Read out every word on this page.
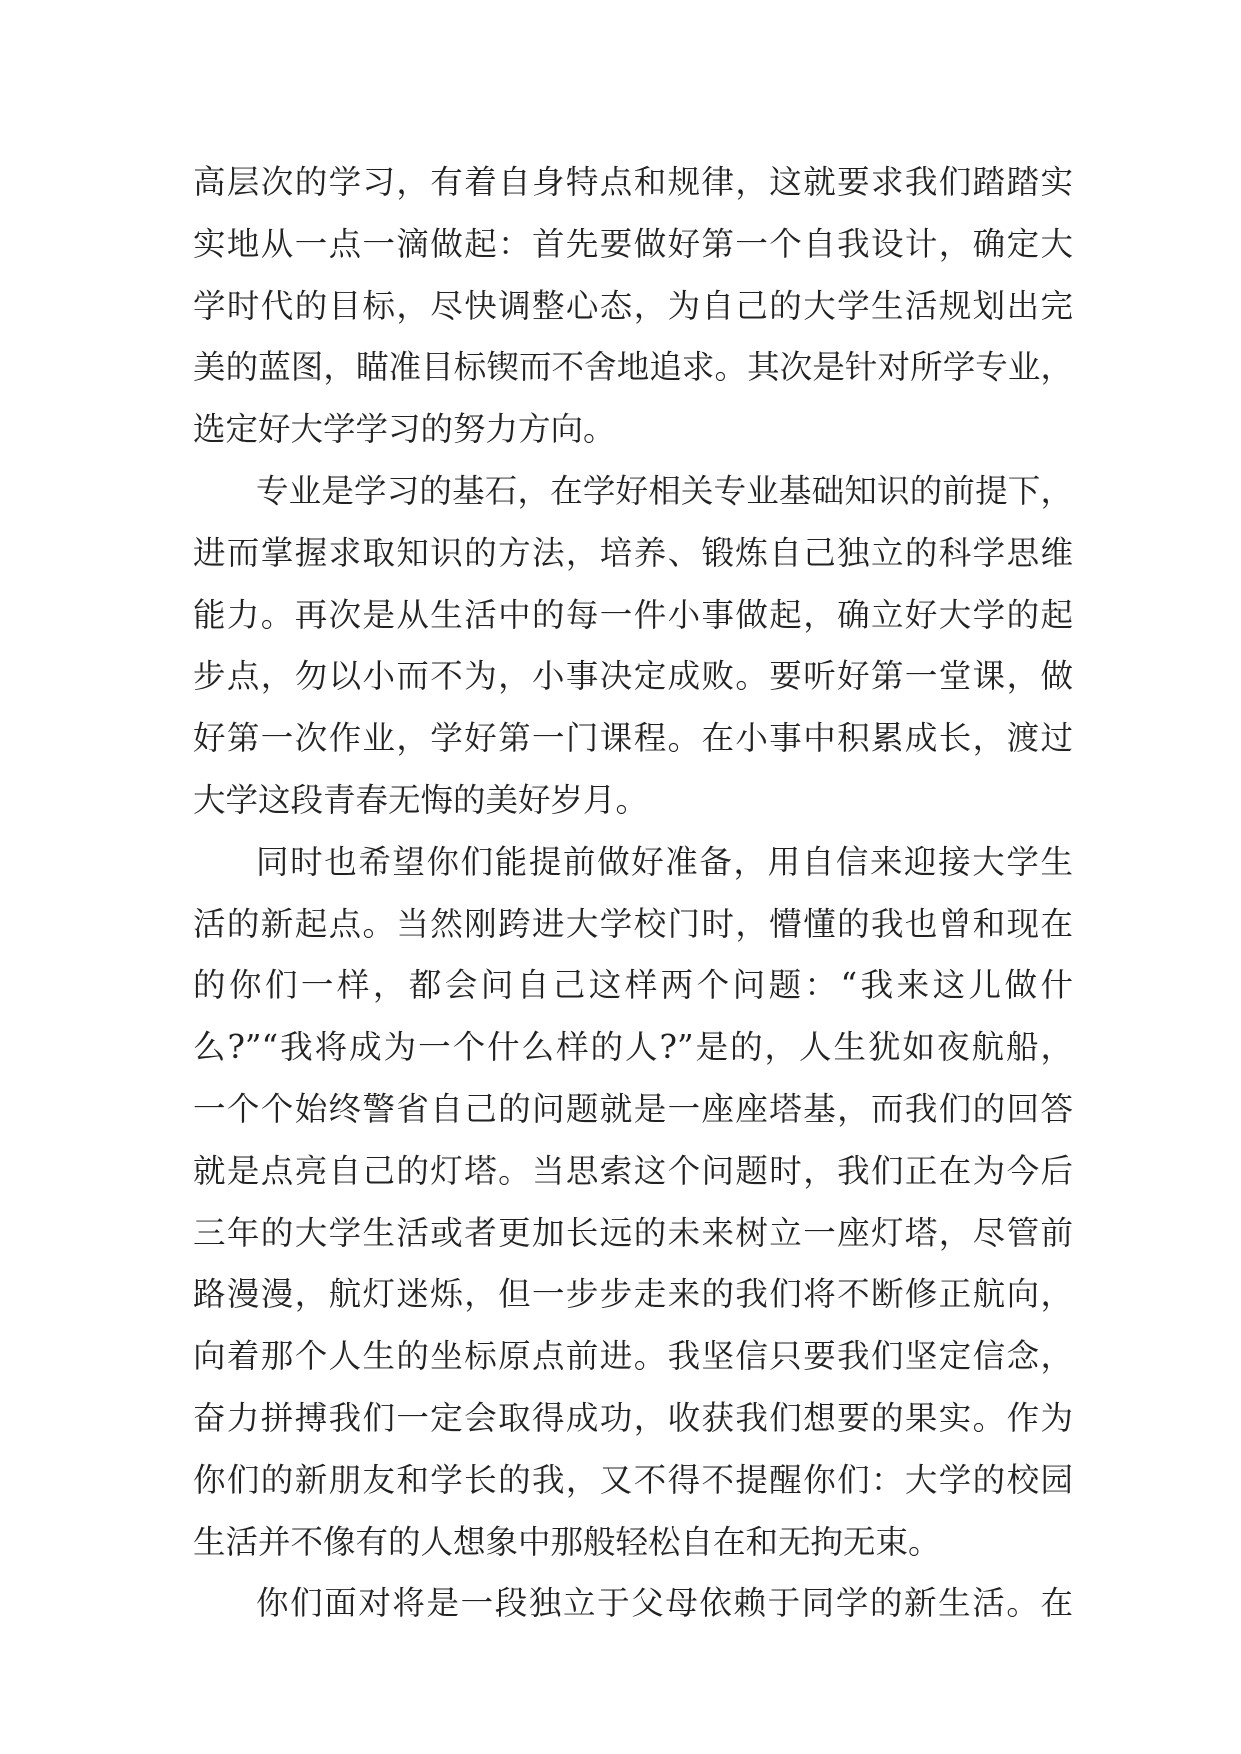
高层次的学习，有着自身特点和规律，这就要求我们踏踏实
实地从一点一滴做起：首先要做好第一个自我设计，确定大
学时代的目标，尽快调整心态，为自己的大学生活规划出完
美的蓝图，瞄准目标锲而不舍地追求。其次是针对所学专业，
选定好大学学习的努力方向。
专业是学习的基石，在学好相关专业基础知识的前提下，
进而掌握求取知识的方法，培养、锻炼自己独立的科学思维
能力。再次是从生活中的每一件小事做起，确立好大学的起
步点，勿以小而不为，小事决定成败。要听好第一堂课，做
好第一次作业，学好第一门课程。在小事中积累成长，渡过
大学这段青春无悔的美好岁月。
同时也希望你们能提前做好准备，用自信来迎接大学生
活的新起点。当然刚跨进大学校门时，懵懂的我也曾和现在
的你们一样，都会问自己这样两个问题：“我来这儿做什
么?”“我将成为一个什么样的人?”是的，人生犹如夜航船，
一个个始终警省自己的问题就是一座座塔基，而我们的回答
就是点亮自己的灯塔。当思索这个问题时，我们正在为今后
三年的大学生活或者更加长远的未来树立一座灯塔，尽管前
路漫漫，航灯迷烁，但一步步走来的我们将不断修正航向，
向着那个人生的坐标原点前进。我坚信只要我们坚定信念，
奋力拼搏我们一定会取得成功，收获我们想要的果实。作为
你们的新朋友和学长的我，又不得不提醒你们：大学的校园
生活并不像有的人想象中那般轻松自在和无拘无束。
你们面对将是一段独立于父母依赖于同学的新生活。在
